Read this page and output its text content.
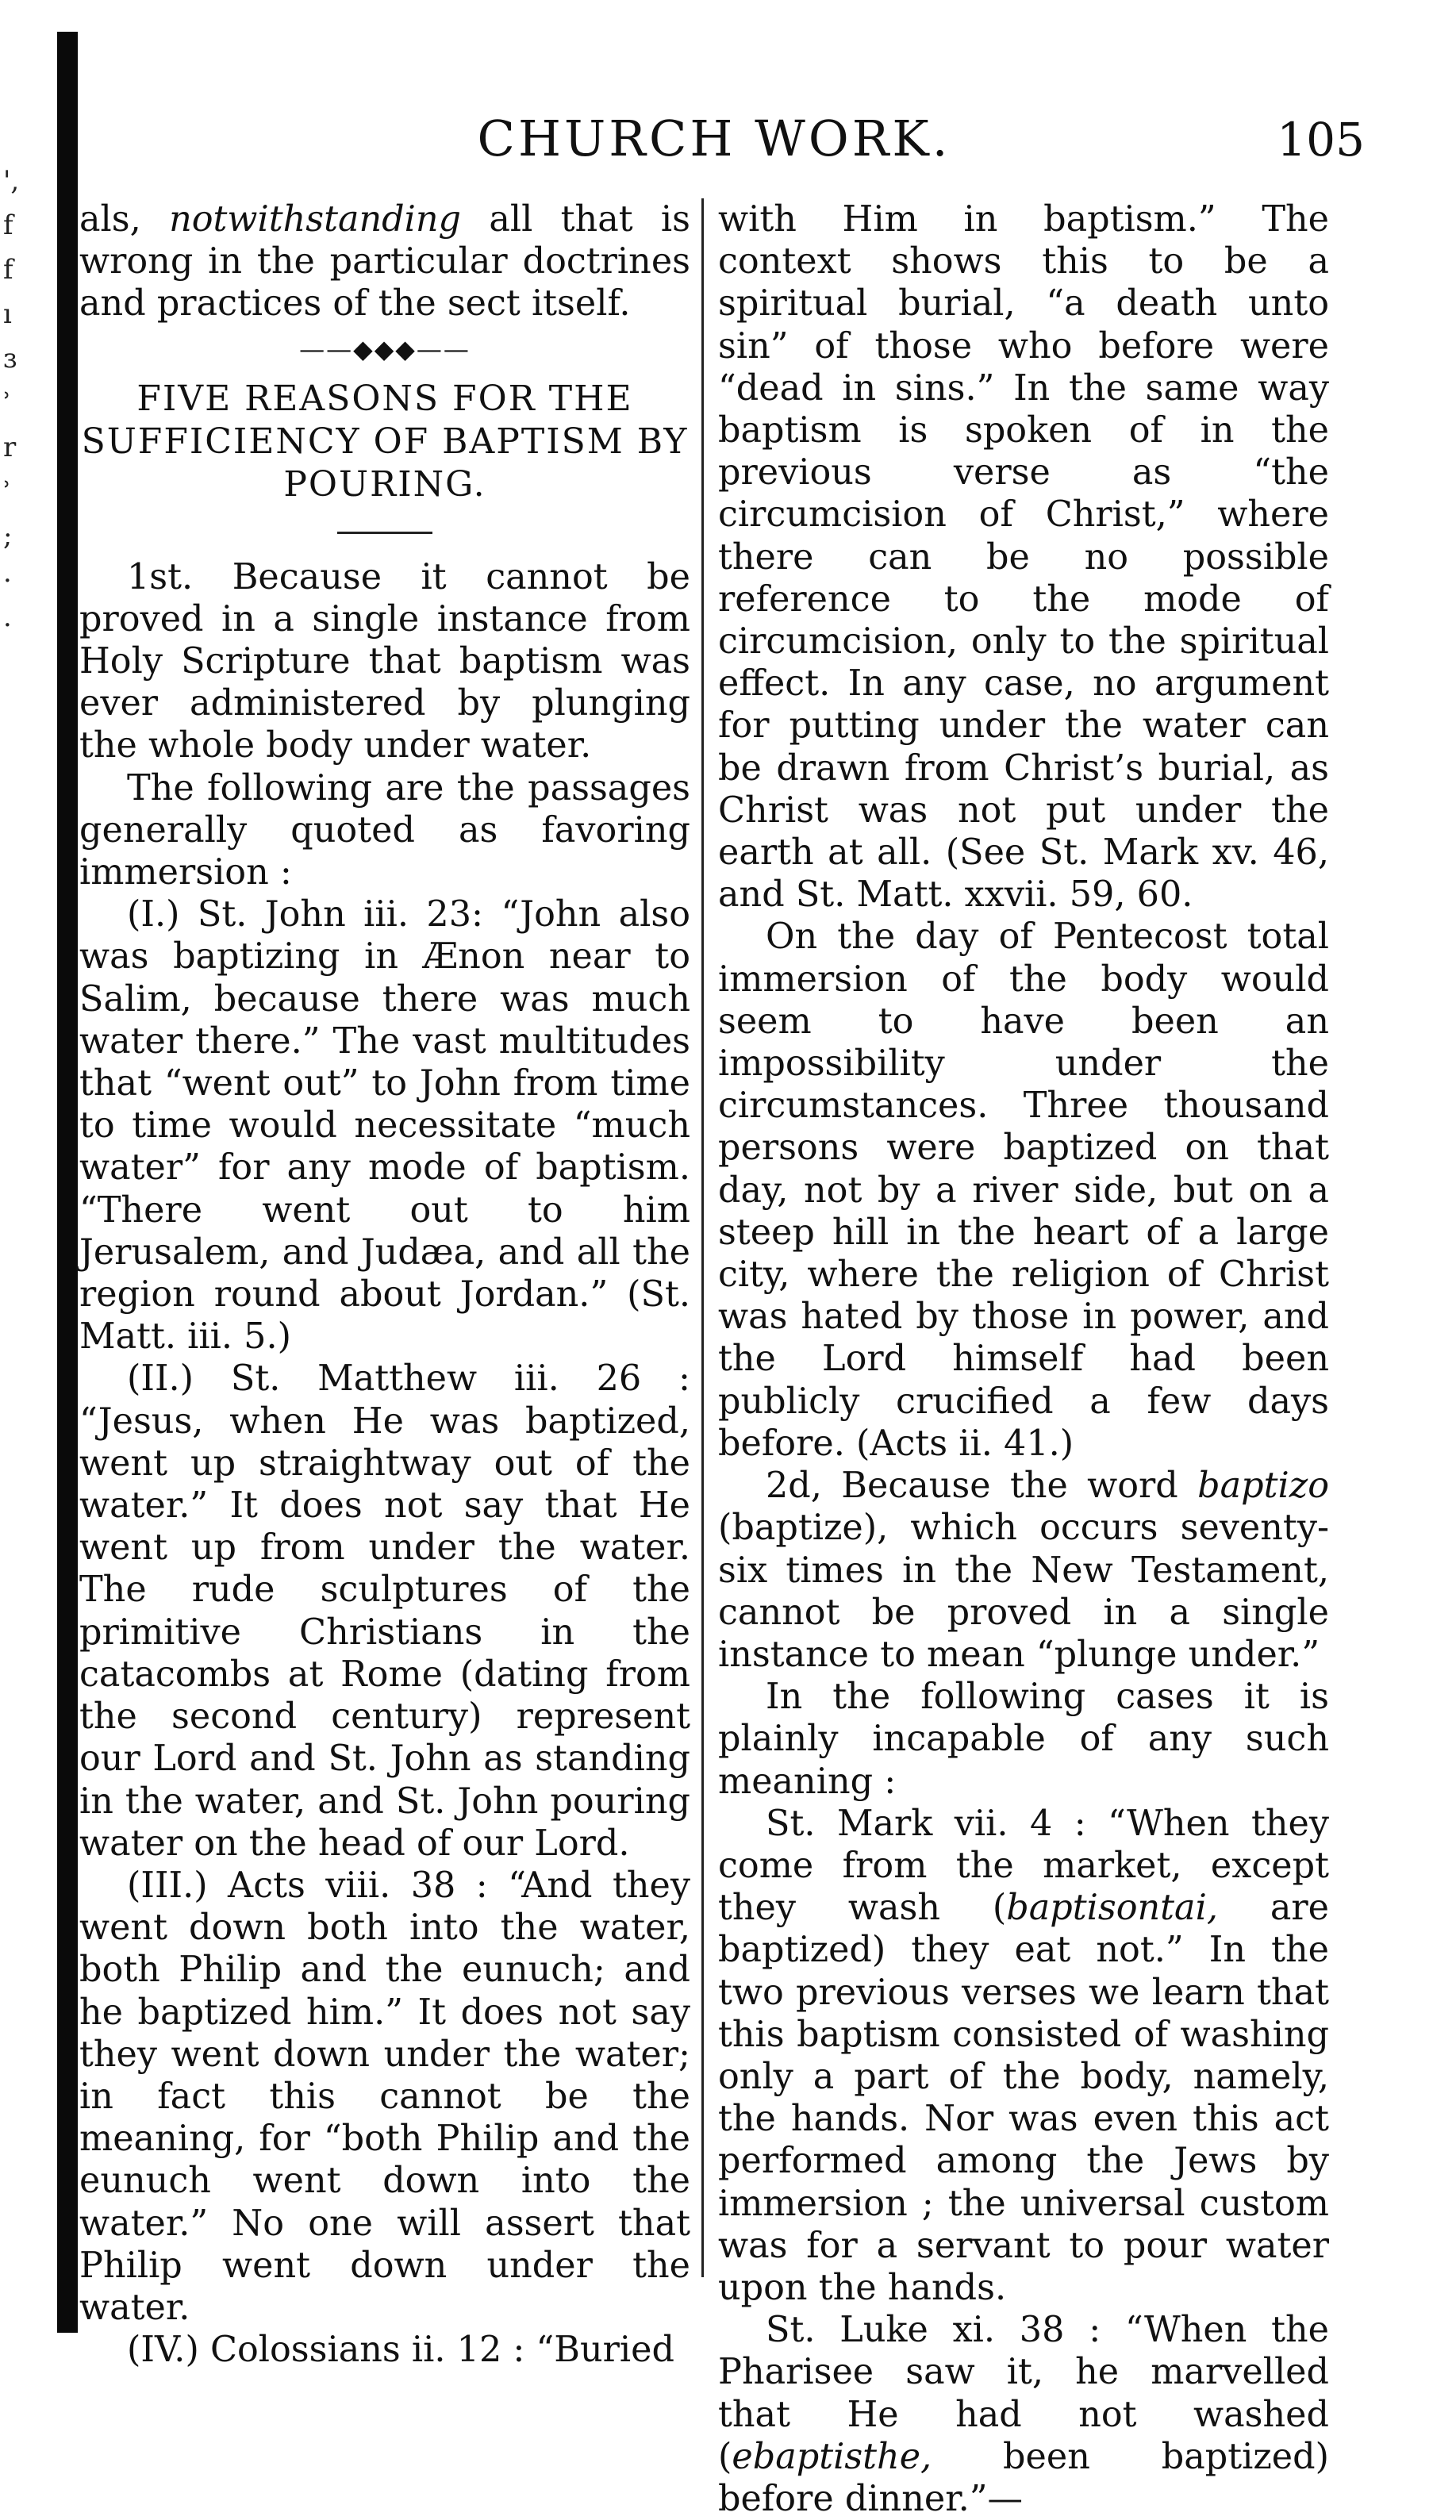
',
f
f
ı
ɜ
ʾ
r
ʾ
;
·
·
CHURCH WORK.	105

als, notwithstanding all that is wrong in the particular doctrines and practices of the sect itself.

——◆◆◆——
FIVE REASONS FOR THE SUFFICIENCY OF BAPTISM BY POURING.

1st. Because it cannot be proved in a single instance from Holy Scripture that baptism was ever administered by plunging the whole body under water.

The following are the passages generally quoted as favoring immersion :

(I.) St. John iii. 23: “John also was baptizing in Ænon near to Salim, because there was much water there.” The vast multitudes that “went out” to John from time to time would necessitate “much water” for any mode of baptism. “There went out to him Jerusalem, and Judæa, and all the region round about Jordan.” (St. Matt. iii. 5.)

(II.) St. Matthew iii. 26 : “Jesus, when He was baptized, went up straightway out of the water.” It does not say that He went up from under the water. The rude sculptures of the primitive Christians in the catacombs at Rome (dating from the second century) represent our Lord and St. John as standing in the water, and St. John pouring water on the head of our Lord.

(III.) Acts viii. 38 : “And they went down both into the water, both Philip and the eunuch; and he baptized him.” It does not say they went down under the water; in fact this cannot be the meaning, for “both Philip and the eunuch went down into the water.” No one will assert that Philip went down under the water.

(IV.) Colossians ii. 12 : “Buried

with Him in baptism.” The context shows this to be a spiritual burial, “a death unto sin” of those who before were “dead in sins.” In the same way baptism is spoken of in the previous verse as “the circumcision of Christ,” where there can be no possible reference to the mode of circumcision, only to the spiritual effect. In any case, no argument for putting under the water can be drawn from Christ’s burial, as Christ was not put under the earth at all. (See St. Mark xv. 46, and St. Matt. xxvii. 59, 60.

On the day of Pentecost total immersion of the body would seem to have been an impossibility under the circumstances. Three thousand persons were baptized on that day, not by a river side, but on a steep hill in the heart of a large city, where the religion of Christ was hated by those in power, and the Lord himself had been publicly crucified a few days before. (Acts ii. 41.)

2d, Because the word baptizo (baptize), which occurs seventy-six times in the New Testament, cannot be proved in a single instance to mean “plunge under.”

In the following cases it is plainly incapable of any such meaning :

St. Mark vii. 4 : “When they come from the market, except they wash (baptisontai, are baptized) they eat not.” In the two previous verses we learn that this baptism consisted of washing only a part of the body, namely, the hands. Nor was even this act performed among the Jews by immersion ; the universal custom was for a servant to pour water upon the hands.

St. Luke xi. 38 : “When the Pharisee saw it, he marvelled that He had not washed (ebaptisthe, been baptized) before dinner.”—
